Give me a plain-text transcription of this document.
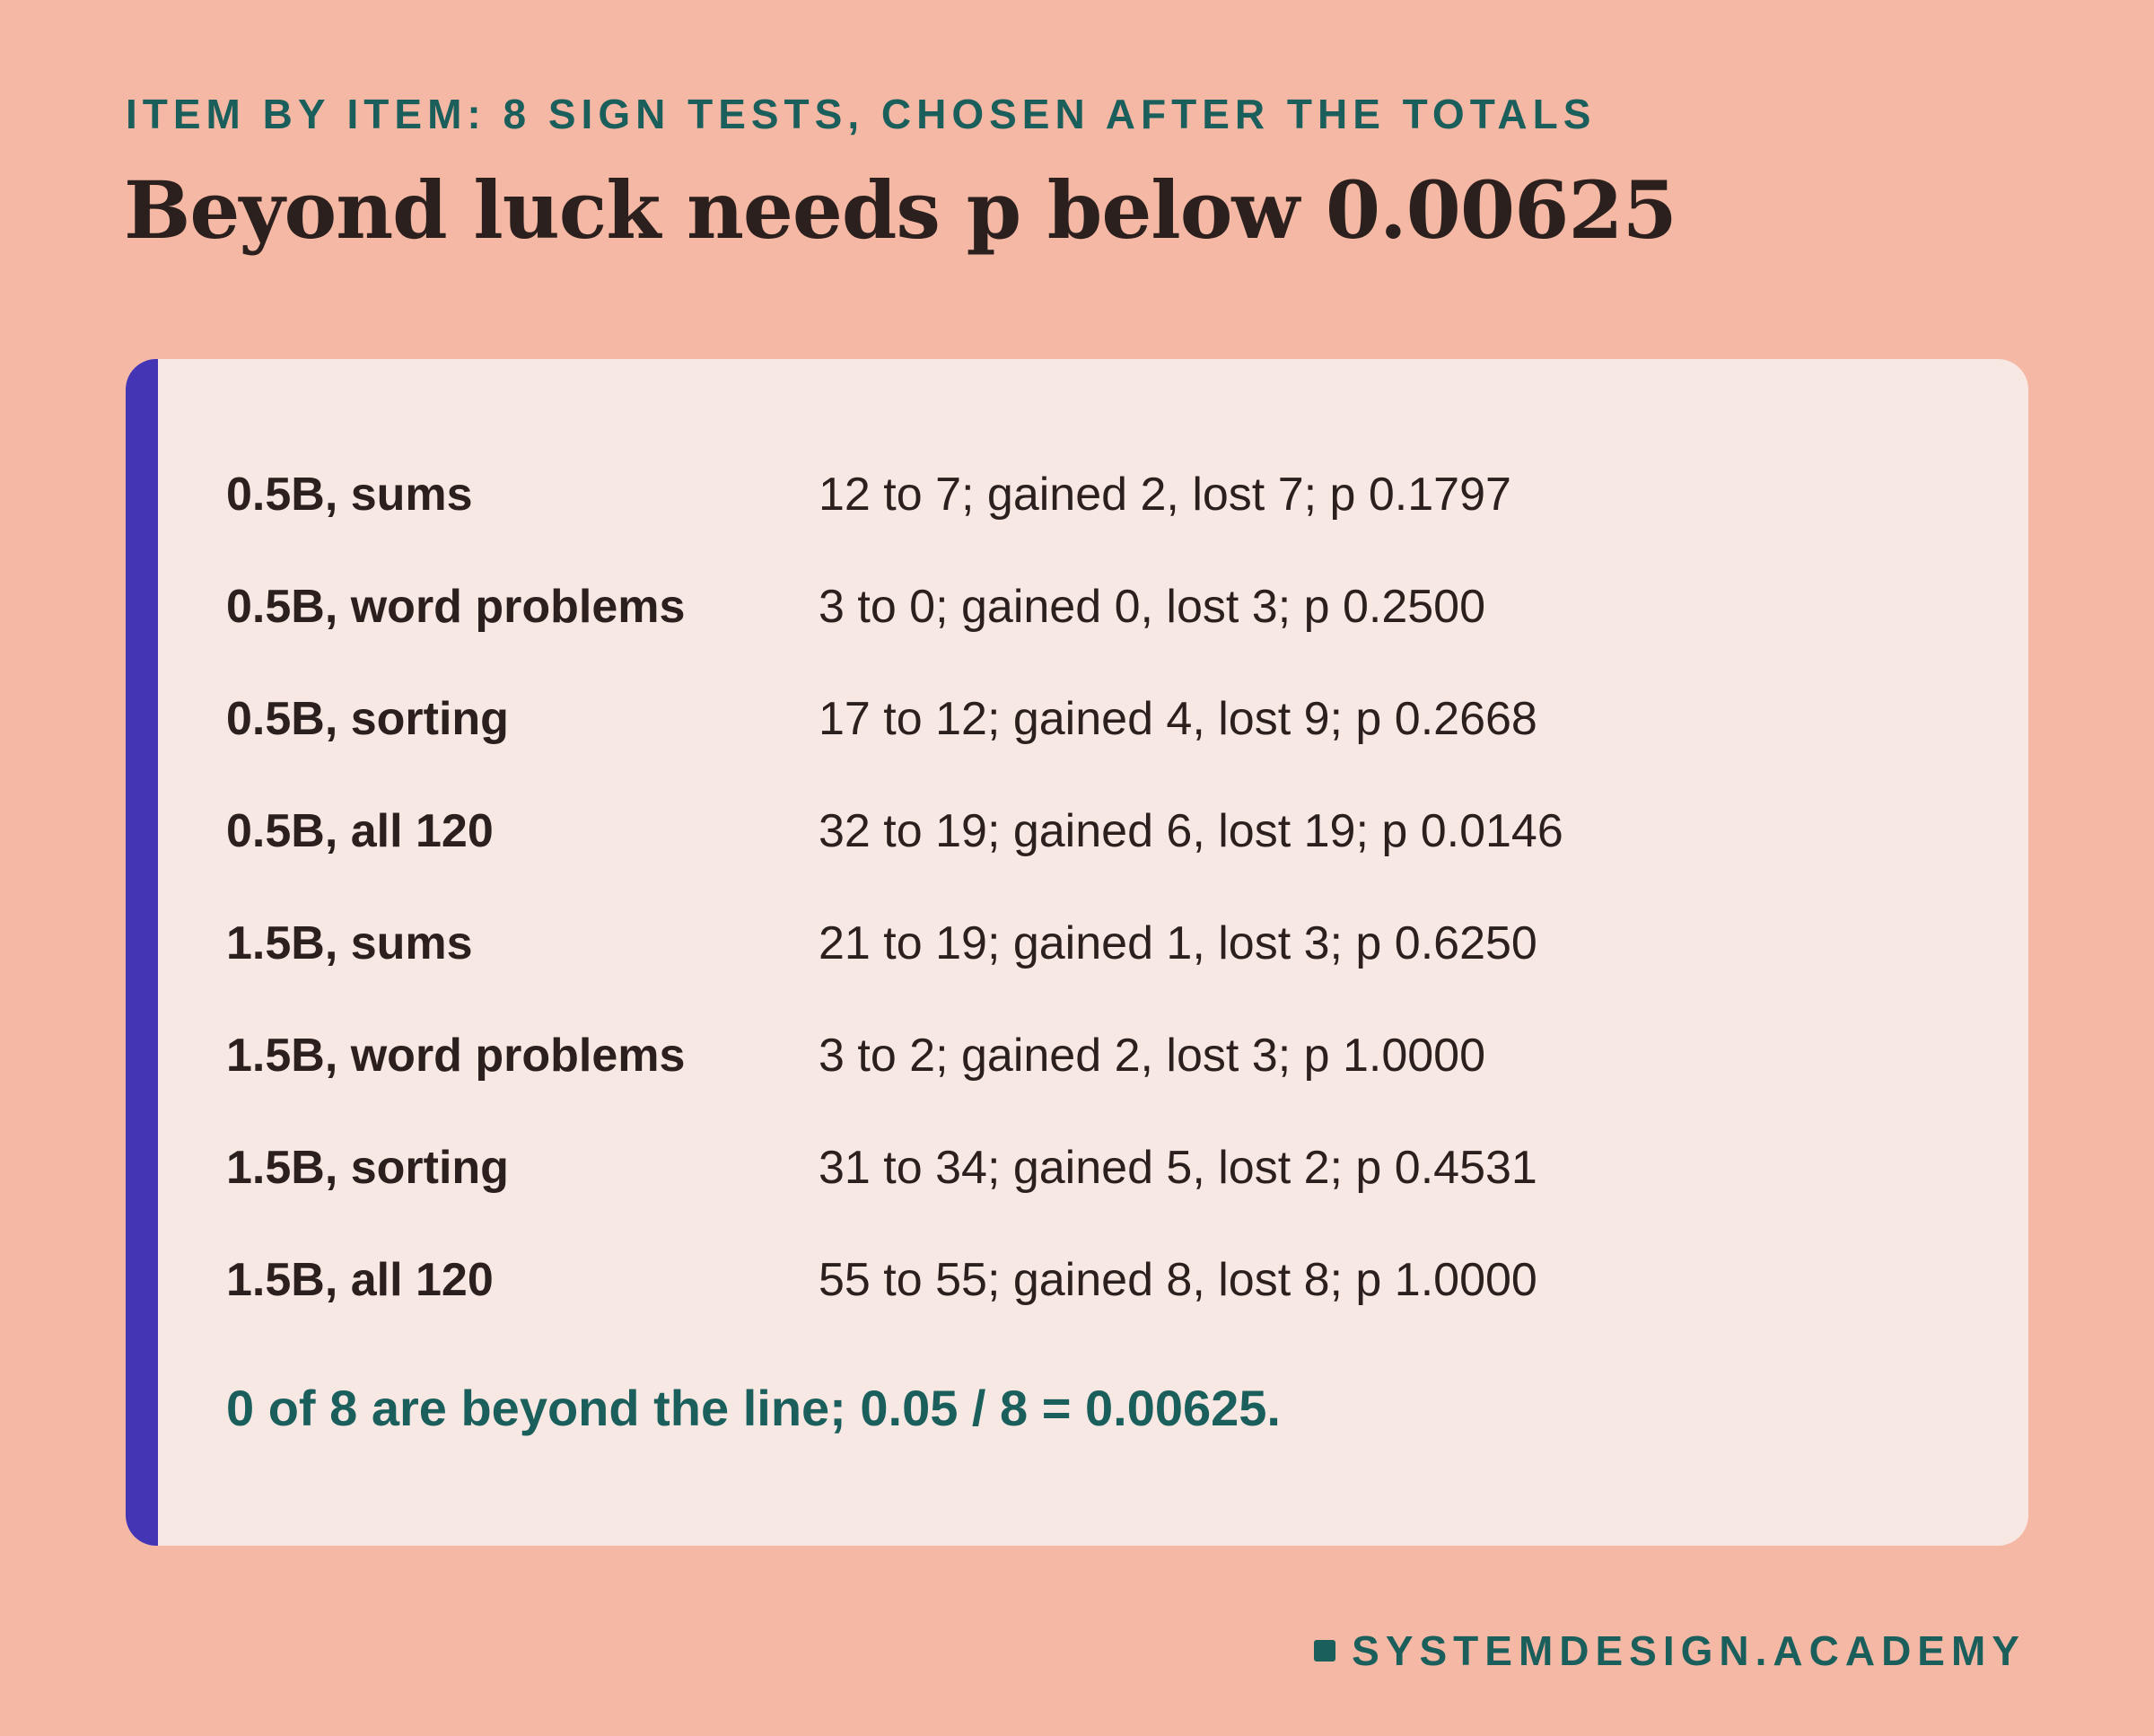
ITEM BY ITEM: 8 SIGN TESTS, CHOSEN AFTER THE TOTALS
Beyond luck needs p below 0.00625
0.5B, sums	12 to 7; gained 2, lost 7; p 0.1797
0.5B, word problems	3 to 0; gained 0, lost 3; p 0.2500
0.5B, sorting	17 to 12; gained 4, lost 9; p 0.2668
0.5B, all 120	32 to 19; gained 6, lost 19; p 0.0146
1.5B, sums	21 to 19; gained 1, lost 3; p 0.6250
1.5B, word problems	3 to 2; gained 2, lost 3; p 1.0000
1.5B, sorting	31 to 34; gained 5, lost 2; p 0.4531
1.5B, all 120	55 to 55; gained 8, lost 8; p 1.0000
0 of 8 are beyond the line; 0.05 / 8 = 0.00625.
SYSTEMDESIGN.ACADEMY
